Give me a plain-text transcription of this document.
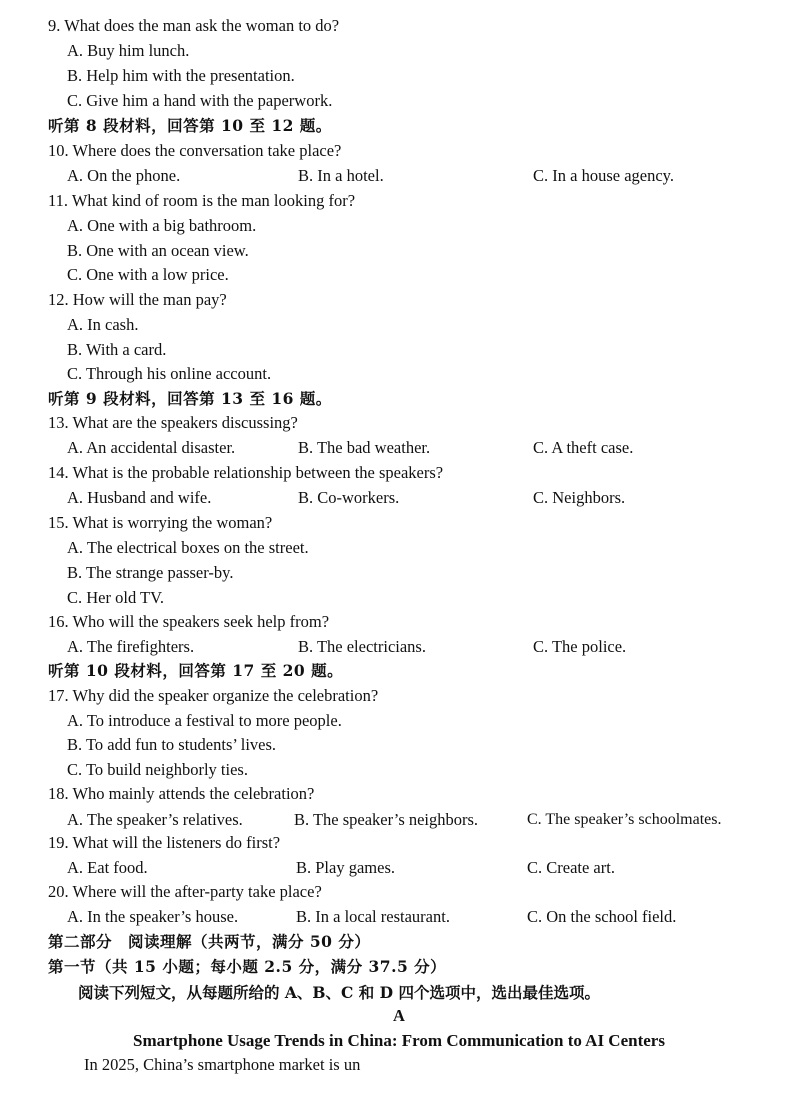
9. What does the man ask the woman to do?
A. Buy him lunch.
B. Help him with the presentation.
C. Give him a hand with the paperwork.
听第 8 段材料，回答第 10 至 12 题。
10. Where does the conversation take place?
A. On the phone.	B. In a hotel.	C. In a house agency.
11. What kind of room is the man looking for?
A. One with a big bathroom.
B. One with an ocean view.
C. One with a low price.
12. How will the man pay?
A. In cash.
B. With a card.
C. Through his online account.
听第 9 段材料，回答第 13 至 16 题。
13. What are the speakers discussing?
A. An accidental disaster.	B. The bad weather.	C. A theft case.
14. What is the probable relationship between the speakers?
A. Husband and wife.	B. Co-workers.	C. Neighbors.
15. What is worrying the woman?
A. The electrical boxes on the street.
B. The strange passer-by.
C. Her old TV.
16. Who will the speakers seek help from?
A. The firefighters.	B. The electricians.	C. The police.
听第 10 段材料，回答第 17 至 20 题。
17. Why did the speaker organize the celebration?
A. To introduce a festival to more people.
B. To add fun to students’ lives.
C. To build neighborly ties.
18. Who mainly attends the celebration?
A. The speaker’s relatives.	B. The speaker’s neighbors.	C. The speaker’s schoolmates.
19. What will the listeners do first?
A. Eat food.	B. Play games.	C. Create art.
20. Where will the after-party take place?
A. In the speaker’s house.	B. In a local restaurant.	C. On the school field.
第二部分　阅读理解（共两节，满分 50 分）
第一节（共 15 小题；每小题 2.5 分，满分 37.5 分）
阅读下列短文，从每题所给的 A、B、C 和 D 四个选项中，选出最佳选项。
A
Smartphone Usage Trends in China: From Communication to AI Centers
In 2025, China’s smartphone market is un
